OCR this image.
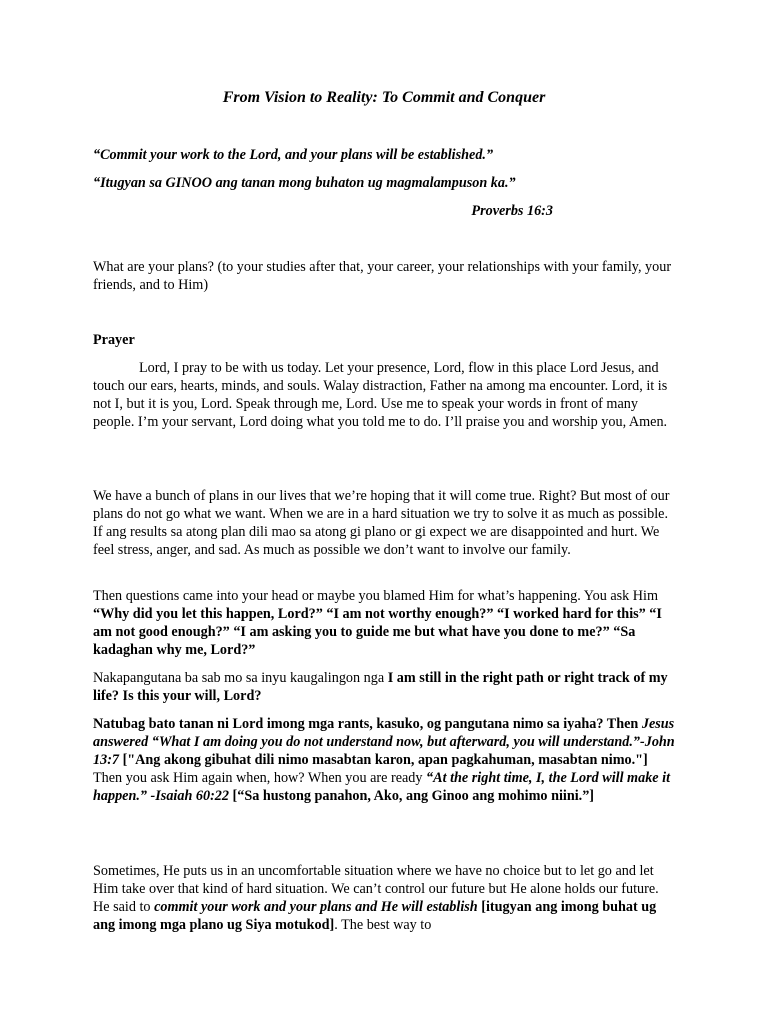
From Vision to Reality: To Commit and Conquer
“Commit your work to the Lord, and your plans will be established.”
“Itugyan sa GINOO ang tanan mong buhaton ug magmalampuson ka.”
Proverbs 16:3
What are your plans? (to your studies after that, your career, your relationships with your family, your friends, and to Him)
Prayer
Lord, I pray to be with us today. Let your presence, Lord, flow in this place Lord Jesus, and touch our ears, hearts, minds, and souls. Walay distraction, Father na among ma encounter. Lord, it is not I, but it is you, Lord. Speak through me, Lord. Use me to speak your words in front of many people. I’m your servant, Lord doing what you told me to do. I’ll praise you and worship you, Amen.
We have a bunch of plans in our lives that we’re hoping that it will come true. Right? But most of our plans do not go what we want. When we are in a hard situation we try to solve it as much as possible. If ang results sa atong plan dili mao sa atong gi plano or gi expect we are disappointed and hurt. We feel stress, anger, and sad. As much as possible we don’t want to involve our family.
Then questions came into your head or maybe you blamed Him for what’s happening. You ask Him “Why did you let this happen, Lord?” “I am not worthy enough?” “I worked hard for this” “I am not good enough?” “I am asking you to guide me but what have you done to me?” “Sa kadaghan why me, Lord?”
Nakapangutana ba sab mo sa inyu kaugalingon nga I am still in the right path or right track of my life? Is this your will, Lord?
Natubag bato tanan ni Lord imong mga rants, kasuko, og pangutana nimo sa iyaha? Then Jesus answered “What I am doing you do not understand now, but afterward, you will understand.”-John 13:7 ["Ang akong gibuhat dili nimo masabtan karon, apan pagkahuman, masabtan nimo."] Then you ask Him again when, how? When you are ready “At the right time, I, the Lord will make it happen.” -Isaiah 60:22 [“Sa hustong panahon, Ako, ang Ginoo ang mohimo niini.”]
Sometimes, He puts us in an uncomfortable situation where we have no choice but to let go and let Him take over that kind of hard situation. We can’t control our future but He alone holds our future. He said to commit your work and your plans and He will establish [itugyan ang imong buhat ug ang imong mga plano ug Siya motukod]. The best way to
